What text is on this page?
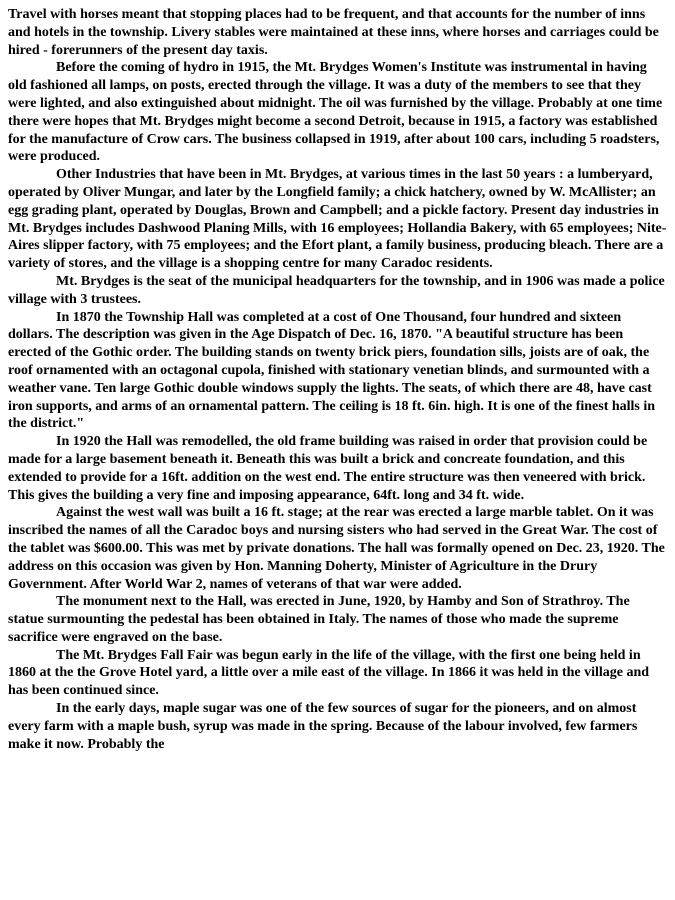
Travel with horses meant that stopping places had to be frequent, and that accounts for the number of inns and hotels in the township. Livery stables were maintained at these inns, where horses and carriages could be hired - forerunners of the present day taxis.

Before the coming of hydro in 1915, the Mt. Brydges Women's Institute was instrumental in having old fashioned all lamps, on posts, erected through the village. It was a duty of the members to see that they were lighted, and also extinguished about midnight. The oil was furnished by the village. Probably at one time there were hopes that Mt. Brydges might become a second Detroit, because in 1915, a factory was established for the manufacture of Crow cars. The business collapsed in 1919, after about 100 cars, including 5 roadsters, were produced.

Other Industries that have been in Mt. Brydges, at various times in the last 50 years : a lumberyard, operated by Oliver Mungar, and later by the Longfield family; a chick hatchery, owned by W. McAllister; an egg grading plant, operated by Douglas, Brown and Campbell; and a pickle factory. Present day industries in Mt. Brydges includes Dashwood Planing Mills, with 16 employees; Hollandia Bakery, with 65 employees; Nite-Aires slipper factory, with 75 employees; and the Efort plant, a family business, producing bleach. There are a variety of stores, and the village is a shopping centre for many Caradoc residents.

Mt. Brydges is the seat of the municipal headquarters for the township, and in 1906 was made a police village with 3 trustees.

In 1870 the Township Hall was completed at a cost of One Thousand, four hundred and sixteen dollars. The description was given in the Age Dispatch of Dec. 16, 1870. "A beautiful structure has been erected of the Gothic order. The building stands on twenty brick piers, foundation sills, joists are of oak, the roof ornamented with an octagonal cupola, finished with stationary venetian blinds, and surmounted with a weather vane. Ten large Gothic double windows supply the lights. The seats, of which there are 48, have cast iron supports, and arms of an ornamental pattern. The ceiling is 18 ft. 6in. high. It is one of the finest halls in the district."

In 1920 the Hall was remodelled, the old frame building was raised in order that provision could be made for a large basement beneath it. Beneath this was built a brick and concreate foundation, and this extended to provide for a 16ft. addition on the west end. The entire structure was then veneered with brick. This gives the building a very fine and imposing appearance, 64ft. long and 34 ft. wide.

Against the west wall was built a 16 ft. stage; at the rear was erected a large marble tablet. On it was inscribed the names of all the Caradoc boys and nursing sisters who had served in the Great War. The cost of the tablet was $600.00. This was met by private donations. The hall was formally opened on Dec. 23, 1920. The address on this occasion was given by Hon. Manning Doherty, Minister of Agriculture in the Drury Government. After World War 2, names of veterans of that war were added.

The monument next to the Hall, was erected in June, 1920, by Hamby and Son of Strathroy. The statue surmounting the pedestal has been obtained in Italy. The names of those who made the supreme sacrifice were engraved on the base.

The Mt. Brydges Fall Fair was begun early in the life of the village, with the first one being held in 1860 at the the Grove Hotel yard, a little over a mile east of the village. In 1866 it was held in the village and has been continued since.

In the early days, maple sugar was one of the few sources of sugar for the pioneers, and on almost every farm with a maple bush, syrup was made in the spring. Because of the labour involved, few farmers make it now. Probably the
